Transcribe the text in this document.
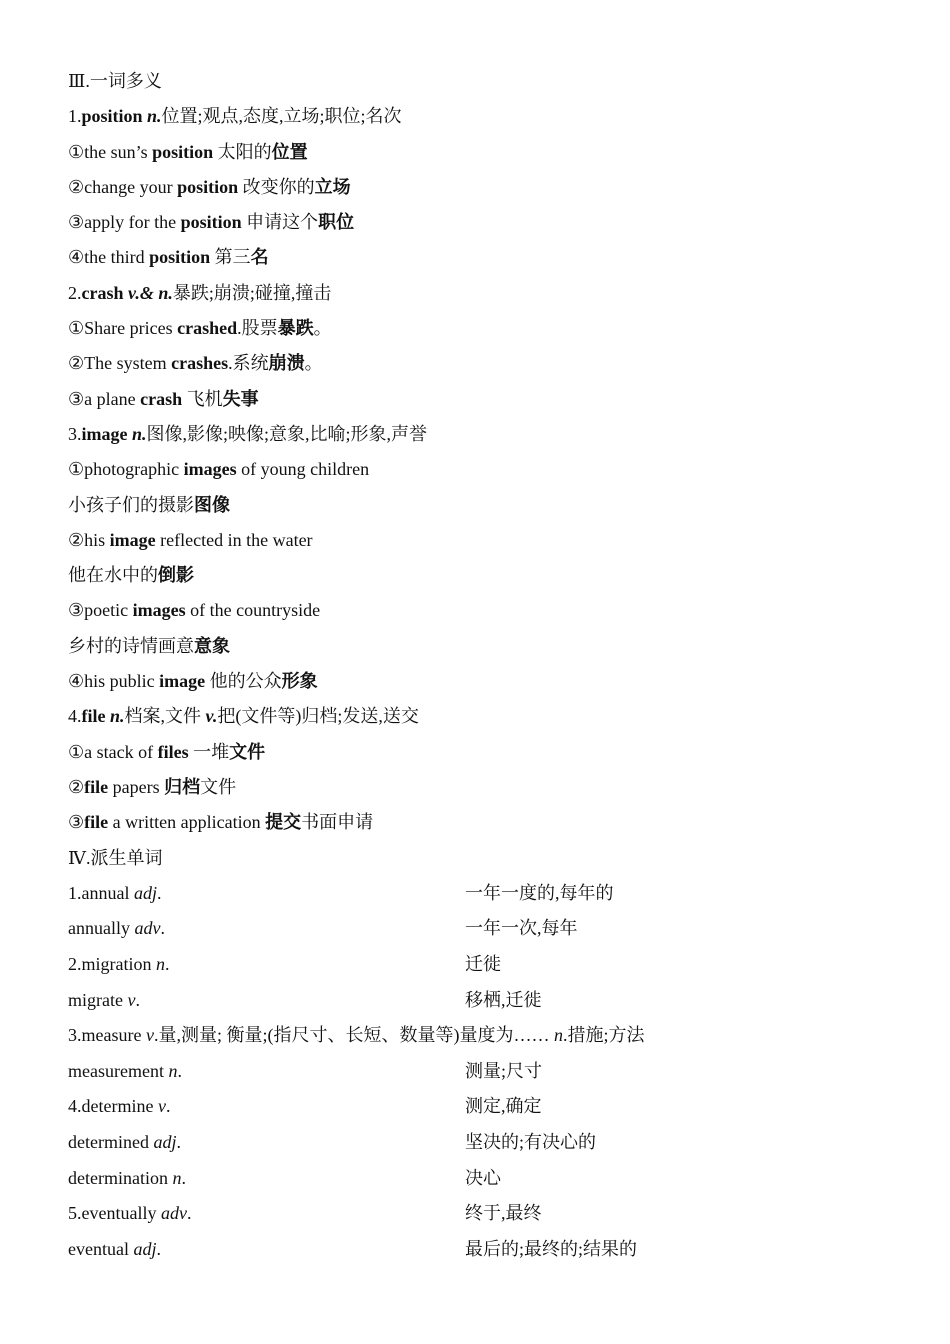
Ⅲ.一词多义
1.position n.位置;观点,态度,立场;职位;名次
①the sun’s position 太阳的位置
②change your position 改变你的立场
③apply for the position 申请这个职位
④the third position 第三名
2.crash v.& n.暴跌;崩溃;碰撞,撞击
①Share prices crashed.股票暴跌。
②The system crashes.系统崩溃。
③a plane crash 飞机失事
3.image n.图像,影像;映像;意象,比喻;形象,声誉
①photographic images of young children
小孩子们的摄影图像
②his image reflected in the water
他在水中的倒影
③poetic images of the countryside
乡村的诗情画意意象
④his public image 他的公众形象
4.file n.档案,文件 v.把(文件等)归档;发送,送交
①a stack of files 一堆文件
②file papers 归档文件
③file a written application 提交书面申请
Ⅳ.派生单词
1.annual adj.	一年一度的,每年的
annually adv.	一年一次,每年
2.migration n.	迁徙
migrate v.	移栖,迁徙
3.measure v.量,测量; 衡量;(指尺寸、长短、数量等)量度为…… n.措施;方法
measurement n.	测量;尺寸
4.determine v.	测定,确定
determined adj.	坚决的;有决心的
determination n.	决心
5.eventually adv.	终于,最终
eventual adj.	最后的;最终的;结果的
